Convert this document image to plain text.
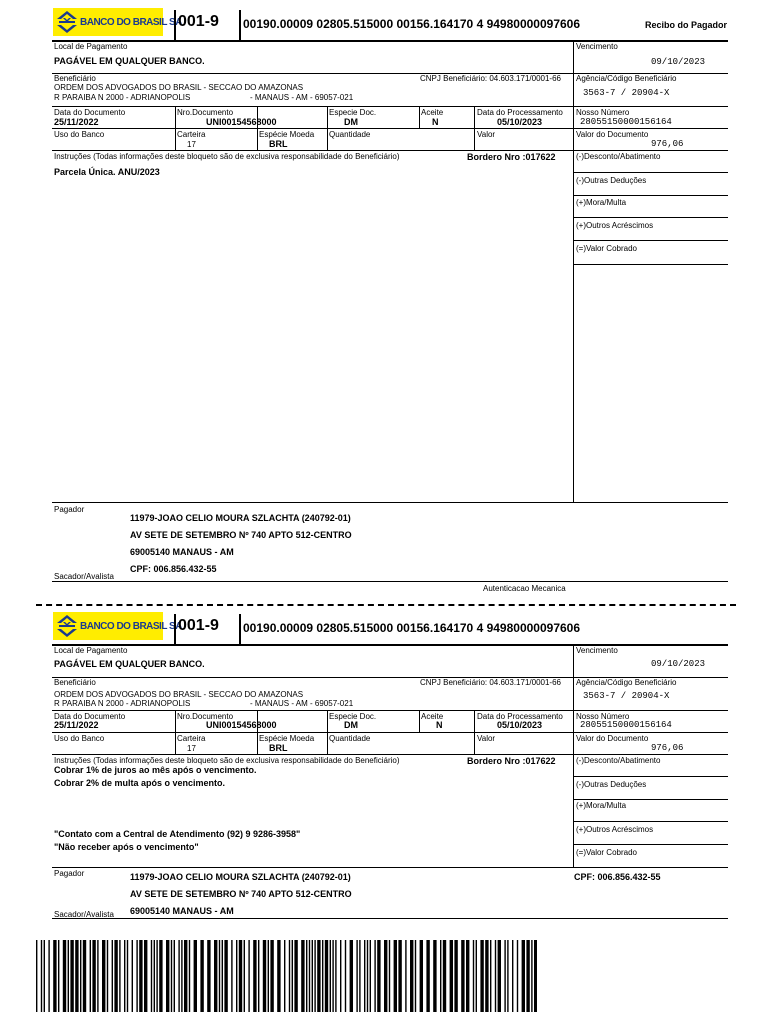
BANCO DO BRASIL SA
001-9 00190.00009 02805.515000 00156.164170 4 94980000097606	Recibo do Pagador
Local de Pagamento
PAGÁVEL EM QUALQUER BANCO.
Vencimento
09/10/2023
Beneficiário	CNPJ Beneficiário: 04.603.171/0001-66
ORDEM DOS ADVOGADOS DO BRASIL - SECCAO DO AMAZONAS
R PARAIBA N 2000 - ADRIANOPOLIS	- MANAUS - AM - 69057-021
Agência/Código Beneficiário
3563-7 / 20904-X
Data do Documento
25/11/2022
Nro.Documento
UNI00154568000
Especie Doc.
DM
Aceite
N
Data do Processamento
05/10/2023
Nosso Número
28055150000156164
Uso do Banco	Carteira
17
Espécie Moeda
BRL
Quantidade	Valor	Valor do Documento
976,06
Instruções (Todas informações deste bloqueto são de exclusiva responsabilidade do Beneficiário)	Bordero Nro :017622
Parcela Única. ANU/2023
(-)Desconto/Abatimento
(-)Outras Deduções
(+)Mora/Multa
(+)Outros Acréscimos
(=)Valor Cobrado
Pagador
11979-JOAO CELIO MOURA SZLACHTA (240792-01)
AV SETE DE SETEMBRO Nº 740 APTO 512-CENTRO
69005140 MANAUS - AM
CPF: 006.856.432-55
Sacador/Avalista
Autenticacao Mecanica
BANCO DO BRASIL SA
001-9 00190.00009 02805.515000 00156.164170 4 94980000097606
Local de Pagamento
PAGÁVEL EM QUALQUER BANCO.
Vencimento
09/10/2023
Beneficiário	CNPJ Beneficiário: 04.603.171/0001-66
ORDEM DOS ADVOGADOS DO BRASIL - SECCAO DO AMAZONAS
R PARAIBA N 2000 - ADRIANOPOLIS	- MANAUS - AM - 69057-021
Agência/Código Beneficiário
3563-7 / 20904-X
Data do Documento
25/11/2022
Nro.Documento
UNI00154568000
Especie Doc.
DM
Aceite
N
Data do Processamento
05/10/2023
Nosso Número
28055150000156164
Uso do Banco	Carteira
17
Espécie Moeda
BRL
Quantidade	Valor	Valor do Documento
976,06
Instruções (Todas informações deste bloqueto são de exclusiva responsabilidade do Beneficiário)	Bordero Nro :017622
Cobrar 1% de juros ao mês após o vencimento.
Cobrar 2% de multa após o vencimento.
"Contato com a Central de Atendimento (92) 9 9286-3958"
"Não receber após o vencimento"
(-)Desconto/Abatimento
(-)Outras Deduções
(+)Mora/Multa
(+)Outros Acréscimos
(=)Valor Cobrado
Pagador	11979-JOAO CELIO MOURA SZLACHTA (240792-01)	CPF: 006.856.432-55
AV SETE DE SETEMBRO Nº 740 APTO 512-CENTRO
69005140 MANAUS - AM
Sacador/Avalista
